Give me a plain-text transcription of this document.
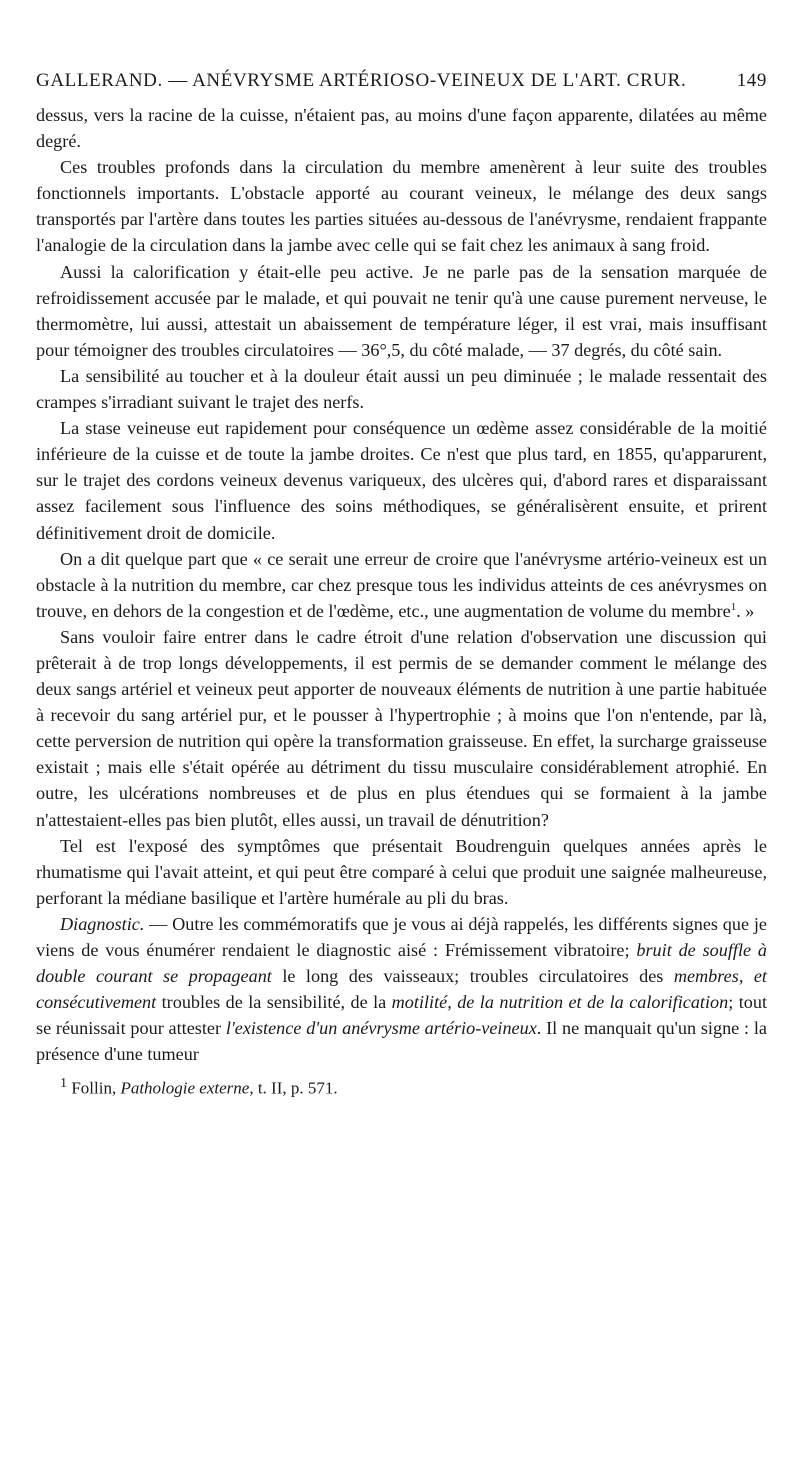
GALLERAND. — ANÉVRYSME ARTÉRIOSO-VEINEUX DE L'ART. CRUR.	149

dessus, vers la racine de la cuisse, n'étaient pas, au moins d'une façon apparente, dilatées au même degré.

Ces troubles profonds dans la circulation du membre amenèrent à leur suite des troubles fonctionnels importants. L'obstacle apporté au courant veineux, le mélange des deux sangs transportés par l'artère dans toutes les parties situées au-dessous de l'anévrysme, rendaient frappante l'analogie de la circulation dans la jambe avec celle qui se fait chez les animaux à sang froid.

Aussi la calorification y était-elle peu active. Je ne parle pas de la sensation marquée de refroidissement accusée par le malade, et qui pouvait ne tenir qu'à une cause purement nerveuse, le thermomètre, lui aussi, attestait un abaissement de température léger, il est vrai, mais insuffisant pour témoigner des troubles circulatoires — 36°,5, du côté malade, — 37 degrés, du côté sain.

La sensibilité au toucher et à la douleur était aussi un peu diminuée ; le malade ressentait des crampes s'irradiant suivant le trajet des nerfs.

La stase veineuse eut rapidement pour conséquence un œdème assez considérable de la moitié inférieure de la cuisse et de toute la jambe droites. Ce n'est que plus tard, en 1855, qu'apparurent, sur le trajet des cordons veineux devenus variqueux, des ulcères qui, d'abord rares et disparaissant assez facilement sous l'influence des soins méthodiques, se généralisèrent ensuite, et prirent définitivement droit de domicile.

On a dit quelque part que « ce serait une erreur de croire que l'anévrysme artério-veineux est un obstacle à la nutrition du membre, car chez presque tous les individus atteints de ces anévrysmes on trouve, en dehors de la congestion et de l'œdème, etc., une augmentation de volume du membre$^1$. »

Sans vouloir faire entrer dans le cadre étroit d'une relation d'observation une discussion qui prêterait à de trop longs développements, il est permis de se demander comment le mélange des deux sangs artériel et veineux peut apporter de nouveaux éléments de nutrition à une partie habituée à recevoir du sang artériel pur, et le pousser à l'hypertrophie ; à moins que l'on n'entende, par là, cette perversion de nutrition qui opère la transformation graisseuse. En effet, la surcharge graisseuse existait ; mais elle s'était opérée au détriment du tissu musculaire considérablement atrophié. En outre, les ulcérations nombreuses et de plus en plus étendues qui se formaient à la jambe n'attestaient-elles pas bien plutôt, elles aussi, un travail de dénutrition?

Tel est l'exposé des symptômes que présentait Boudrenguin quelques années après le rhumatisme qui l'avait atteint, et qui peut être comparé à celui que produit une saignée malheureuse, perforant la médiane basilique et l'artère humérale au pli du bras.

Diagnostic. — Outre les commémoratifs que je vous ai déjà rappelés, les différents signes que je viens de vous énumérer rendaient le diagnostic aisé : Frémissement vibratoire; bruit de souffle à double courant se propageant le long des vaisseaux; troubles circulatoires des membres, et consécutivement troubles de la sensibilité, de la motilité, de la nutrition et de la calorification; tout se réunissait pour attester l'existence d'un anévrysme artério-veineux. Il ne manquait qu'un signe : la présence d'une tumeur

$^1$ Follin, Pathologie externe, t. II, p. 571.
